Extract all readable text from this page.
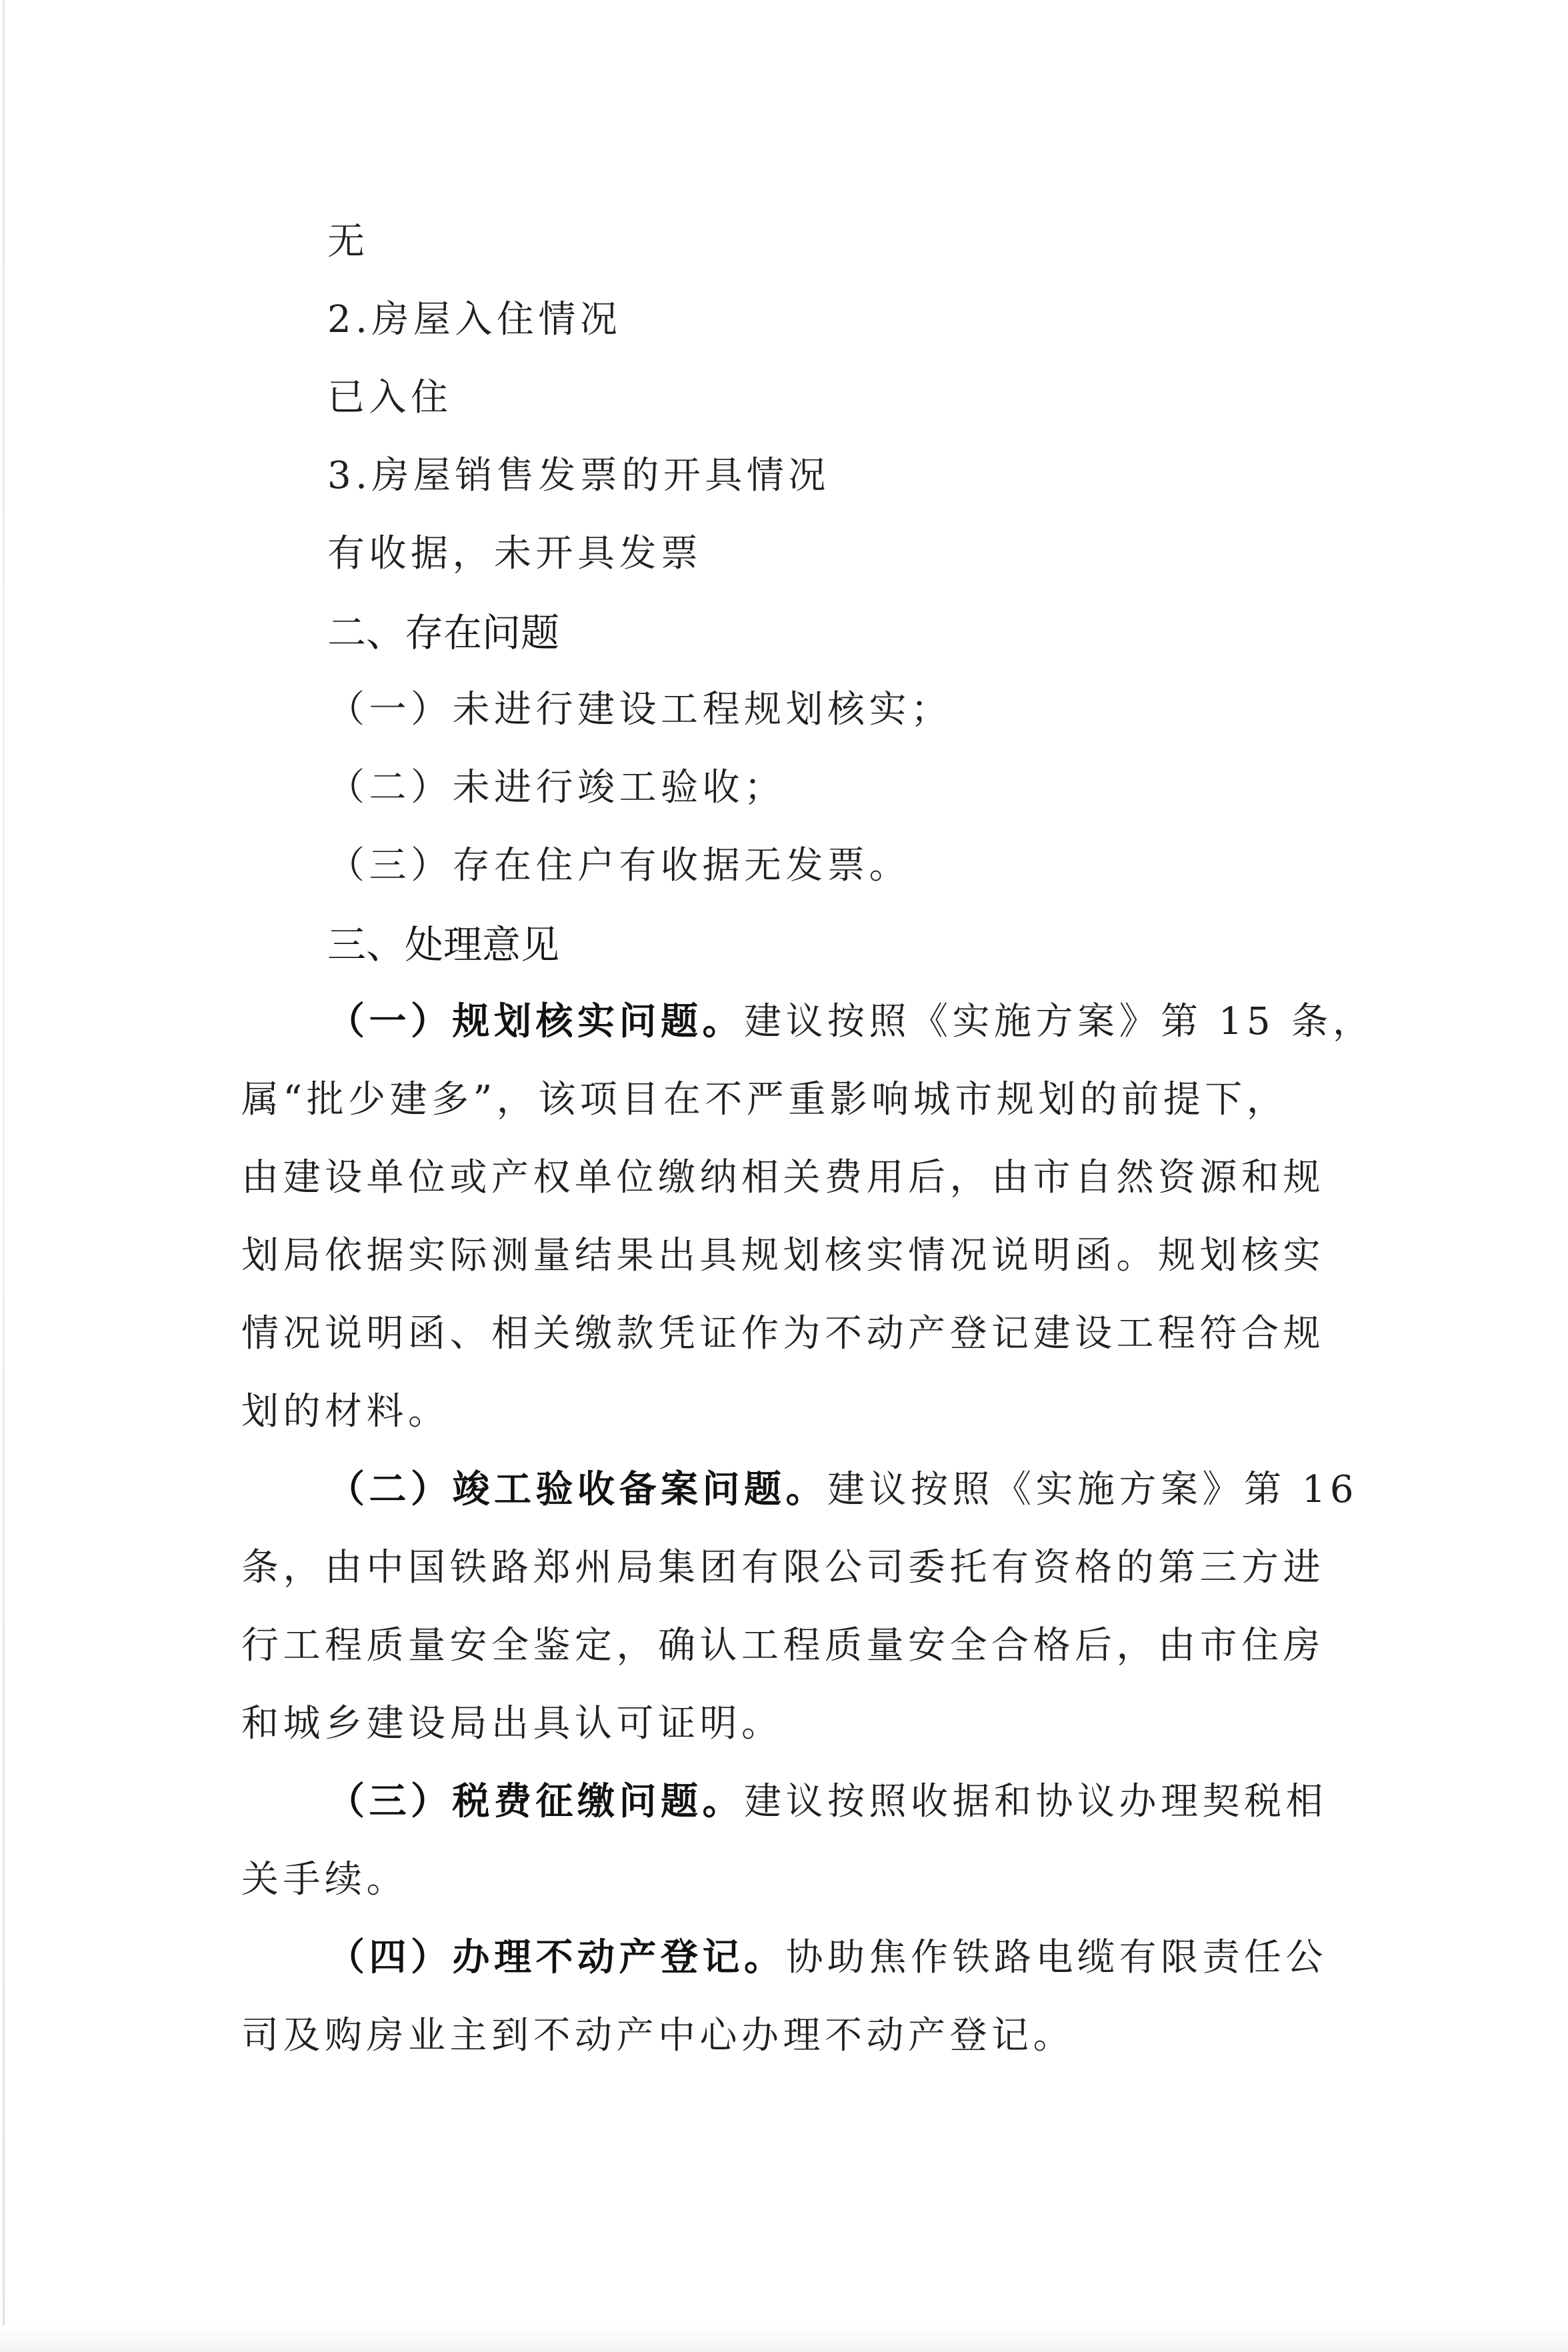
无
2.房屋入住情况
已入住
3.房屋销售发票的开具情况
有收据，未开具发票
二、存在问题
（一）未进行建设工程规划核实；
（二）未进行竣工验收；
（三）存在住户有收据无发票。
三、处理意见
（一）规划核实问题。建议按照《实施方案》第 15 条，
属“批少建多”，该项目在不严重影响城市规划的前提下，
由建设单位或产权单位缴纳相关费用后，由市自然资源和规
划局依据实际测量结果出具规划核实情况说明函。规划核实
情况说明函、相关缴款凭证作为不动产登记建设工程符合规
划的材料。
（二）竣工验收备案问题。建议按照《实施方案》第 16
条，由中国铁路郑州局集团有限公司委托有资格的第三方进
行工程质量安全鉴定，确认工程质量安全合格后，由市住房
和城乡建设局出具认可证明。
（三）税费征缴问题。建议按照收据和协议办理契税相
关手续。
（四）办理不动产登记。协助焦作铁路电缆有限责任公
司及购房业主到不动产中心办理不动产登记。
